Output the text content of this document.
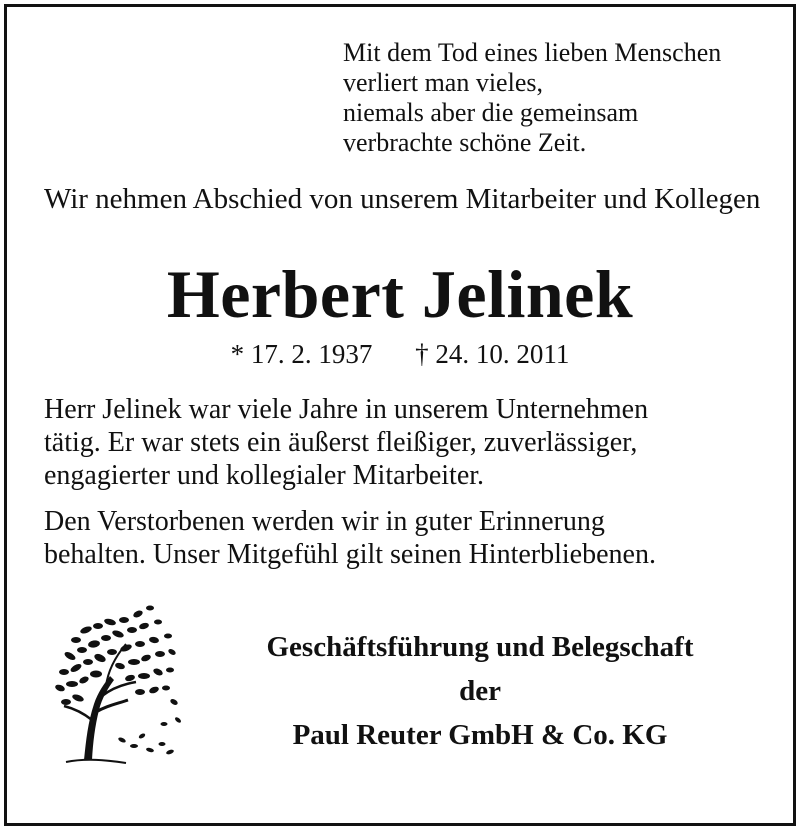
Mit dem Tod eines lieben Menschen
verliert man vieles,
niemals aber die gemeinsam
verbrachte schöne Zeit.
Wir nehmen Abschied von unserem Mitarbeiter und Kollegen
Herbert Jelinek
* 17. 2. 1937 † 24. 10. 2011
Herr Jelinek war viele Jahre in unserem Unternehmen
tätig. Er war stets ein äußerst fleißiger, zuverlässiger,
engagierter und kollegialer Mitarbeiter.
Den Verstorbenen werden wir in guter Erinnerung
behalten. Unser Mitgefühl gilt seinen Hinterbliebenen.
Geschäftsführung und Belegschaft
der
Paul Reuter GmbH & Co. KG
